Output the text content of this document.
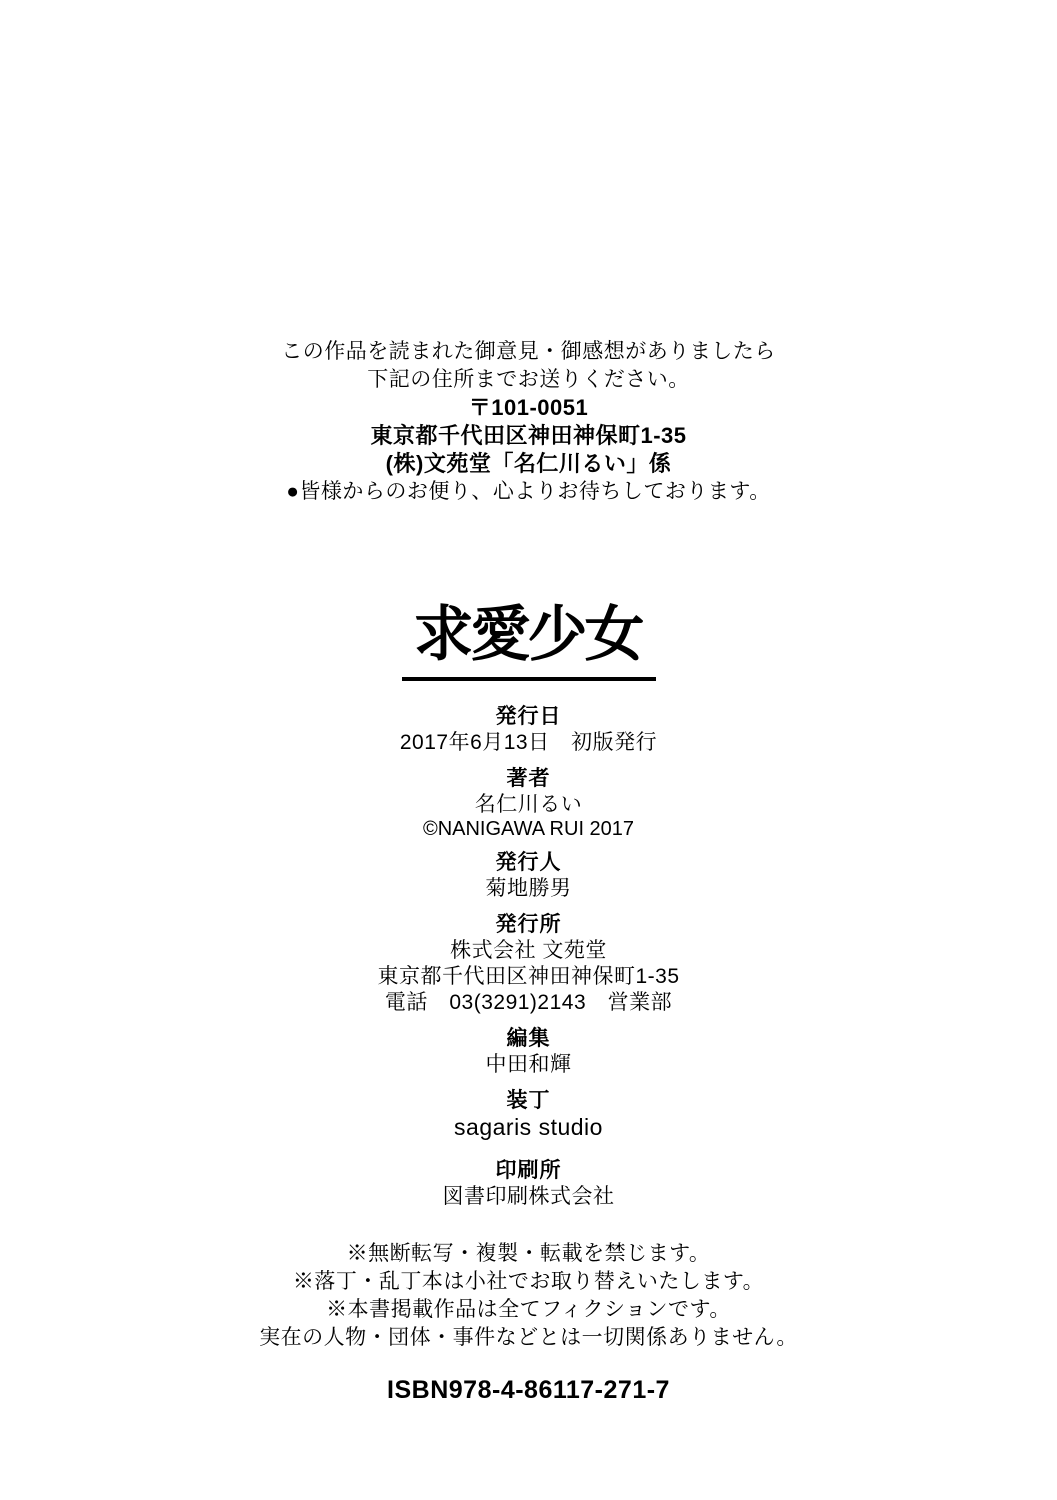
この作品を読まれた御意見・御感想がありましたら
下記の住所までお送りください。
〒101-0051
東京都千代田区神田神保町1-35
(株)文苑堂「名仁川るい」係
●皆様からのお便り、心よりお待ちしております。
求愛少女
発行日
2017年6月13日　初版発行
著者
名仁川るい
©NANIGAWA RUI 2017
発行人
菊地勝男
発行所
株式会社 文苑堂
東京都千代田区神田神保町1-35
電話　03(3291)2143　営業部
編集
中田和輝
装丁
sagaris studio
印刷所
図書印刷株式会社
※無断転写・複製・転載を禁じます。
※落丁・乱丁本は小社でお取り替えいたします。
※本書掲載作品は全てフィクションです。
実在の人物・団体・事件などとは一切関係ありません。
ISBN978-4-86117-271-7
